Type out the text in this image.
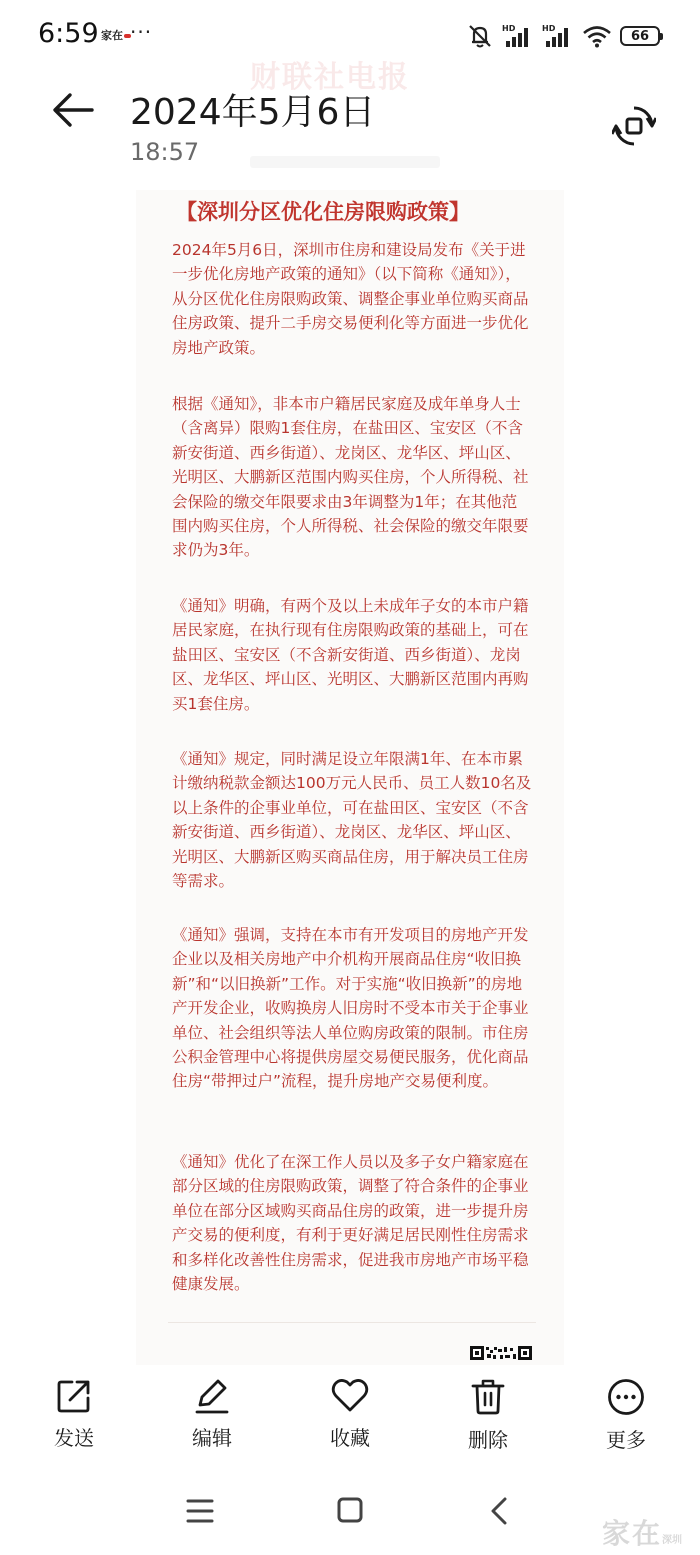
6:59 家在 ···	HD	HD	66
财联社电报
2024年5月6日
18:57
【深圳分区优化住房限购政策】

2024年5月6日，深圳市住房和建设局发布《关于进一步优化房地产政策的通知》（以下简称《通知》），从分区优化住房限购政策、调整企事业单位购买商品住房政策、提升二手房交易便利化等方面进一步优化房地产政策。

根据《通知》，非本市户籍居民家庭及成年单身人士（含离异）限购1套住房，在盐田区、宝安区（不含新安街道、西乡街道）、龙岗区、龙华区、坪山区、光明区、大鹏新区范围内购买住房，个人所得税、社会保险的缴交年限要求由3年调整为1年；在其他范围内购买住房，个人所得税、社会保险的缴交年限要求仍为3年。

《通知》明确，有两个及以上未成年子女的本市户籍居民家庭，在执行现有住房限购政策的基础上，可在盐田区、宝安区（不含新安街道、西乡街道）、龙岗区、龙华区、坪山区、光明区、大鹏新区范围内再购买1套住房。

《通知》规定，同时满足设立年限满1年、在本市累计缴纳税款金额达100万元人民币、员工人数10名及以上条件的企事业单位，可在盐田区、宝安区（不含新安街道、西乡街道）、龙岗区、龙华区、坪山区、光明区、大鹏新区购买商品住房，用于解决员工住房等需求。

《通知》强调，支持在本市有开发项目的房地产开发企业以及相关房地产中介机构开展商品住房“收旧换新”和“以旧换新”工作。对于实施“收旧换新”的房地产开发企业，收购换房人旧房时不受本市关于企事业单位、社会组织等法人单位购房政策的限制。市住房公积金管理中心将提供房屋交易便民服务，优化商品住房“带押过户”流程，提升房地产交易便利度。

《通知》优化了在深工作人员以及多子女户籍家庭在部分区域的住房限购政策，调整了符合条件的企事业单位在部分区域购买商品住房的政策，进一步提升房产交易的便利度，有利于更好满足居民刚性住房需求和多样化改善性住房需求，促进我市房地产市场平稳健康发展。

发送	编辑	收藏	删除	更多
家在深圳
